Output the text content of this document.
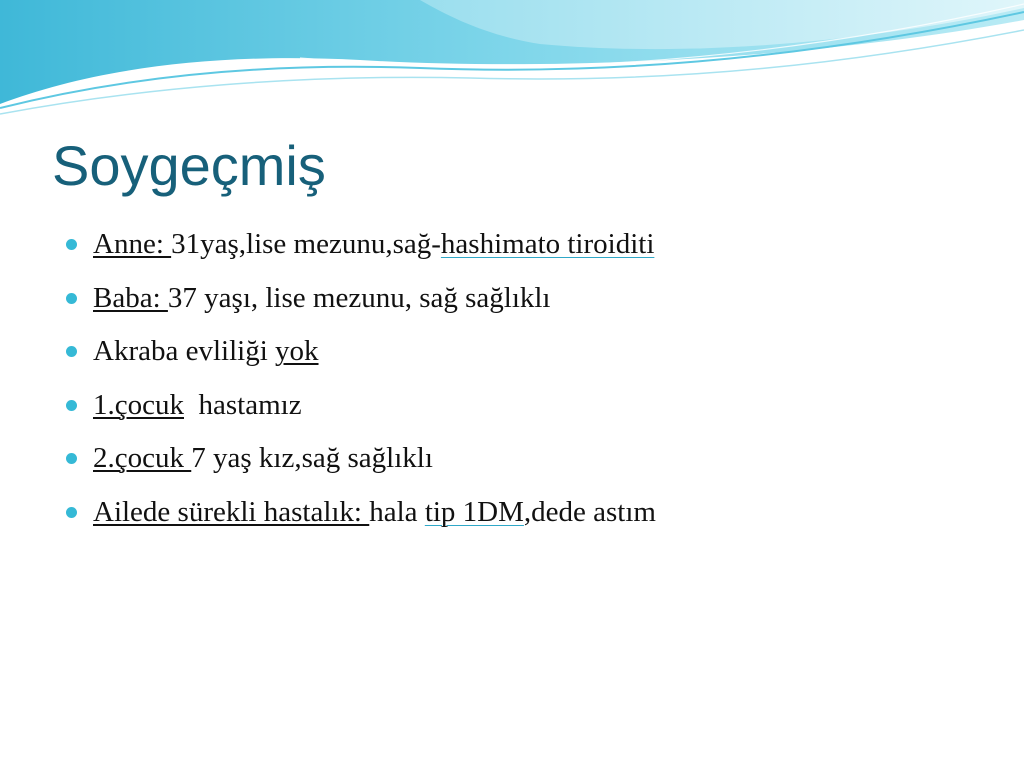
Soygeçmiş
Anne: 31yaş,lise mezunu,sağ-hashimato tiroiditi
Baba: 37 yaşı, lise mezunu, sağ sağlıklı
Akraba evliliği yok
1.çocuk  hastamız
2.çocuk 7 yaş kız,sağ sağlıklı
Ailede sürekli hastalık: hala tip 1DM,dede astım
